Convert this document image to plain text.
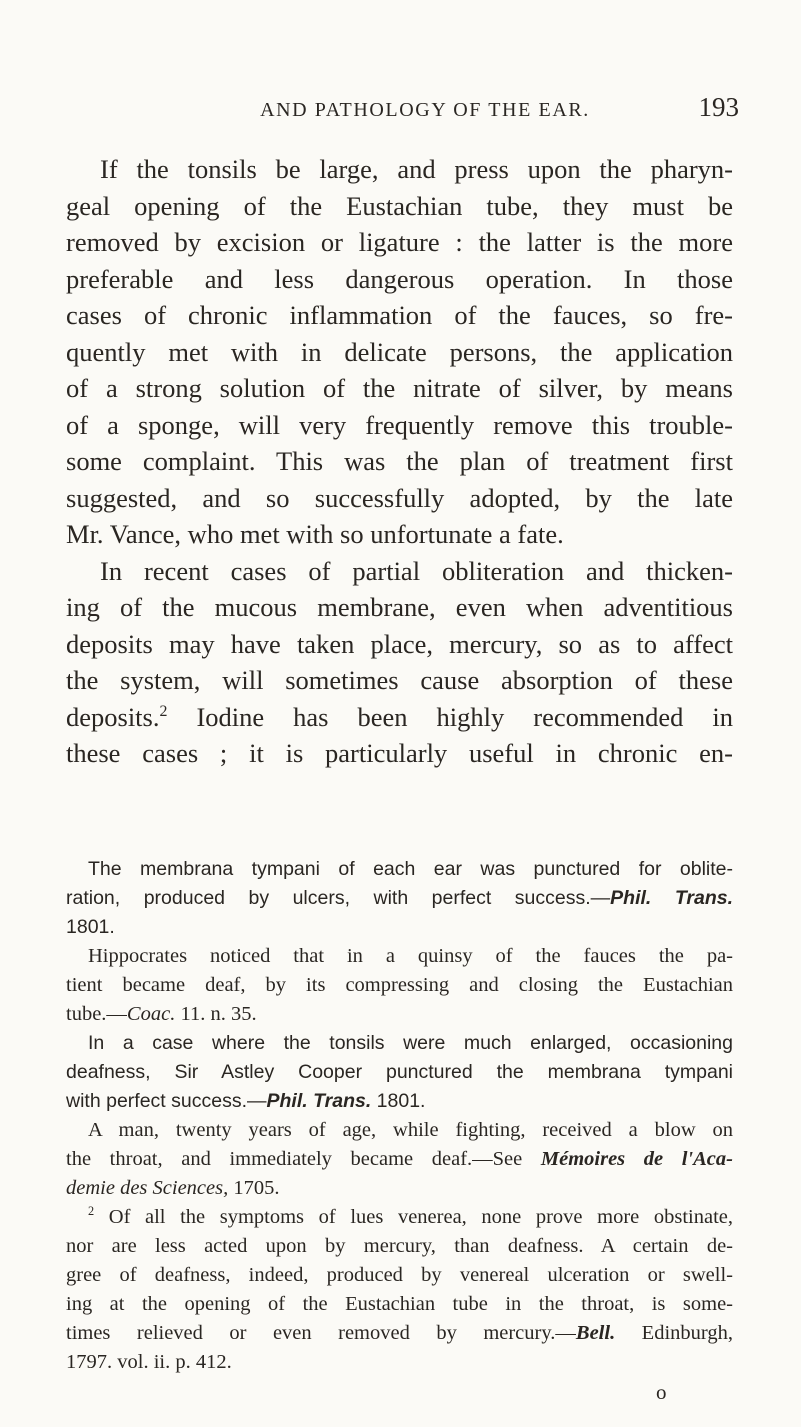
AND PATHOLOGY OF THE EAR.	193
If the tonsils be large, and press upon the pharyn-
geal opening of the Eustachian tube, they must be
removed by excision or ligature : the latter is the more
preferable and less dangerous operation. In those
cases of chronic inflammation of the fauces, so fre-
quently met with in delicate persons, the application
of a strong solution of the nitrate of silver, by means
of a sponge, will very frequently remove this trouble-
some complaint. This was the plan of treatment first
suggested, and so successfully adopted, by the late
Mr. Vance, who met with so unfortunate a fate.
In recent cases of partial obliteration and thicken-
ing of the mucous membrane, even when adventitious
deposits may have taken place, mercury, so as to affect
the system, will sometimes cause absorption of these
deposits.$^2$ Iodine has been highly recommended in
these cases ; it is particularly useful in chronic en-
The membrana tympani of each ear was punctured for oblite-
ration, produced by ulcers, with perfect success.—Phil. Trans.
1801.
Hippocrates noticed that in a quinsy of the fauces the pa-
tient became deaf, by its compressing and closing the Eustachian
tube.—Coac. 11. n. 35.
In a case where the tonsils were much enlarged, occasioning
deafness, Sir Astley Cooper punctured the membrana tympani
with perfect success.—Phil. Trans. 1801.
A man, twenty years of age, while fighting, received a blow on
the throat, and immediately became deaf.—See Mémoires de l'Aca-
demie des Sciences, 1705.
$^2$ Of all the symptoms of lues venerea, none prove more obstinate,
nor are less acted upon by mercury, than deafness. A certain de-
gree of deafness, indeed, produced by venereal ulceration or swell-
ing at the opening of the Eustachian tube in the throat, is some-
times relieved or even removed by mercury.—Bell. Edinburgh,
1797. vol. ii. p. 412.
o
